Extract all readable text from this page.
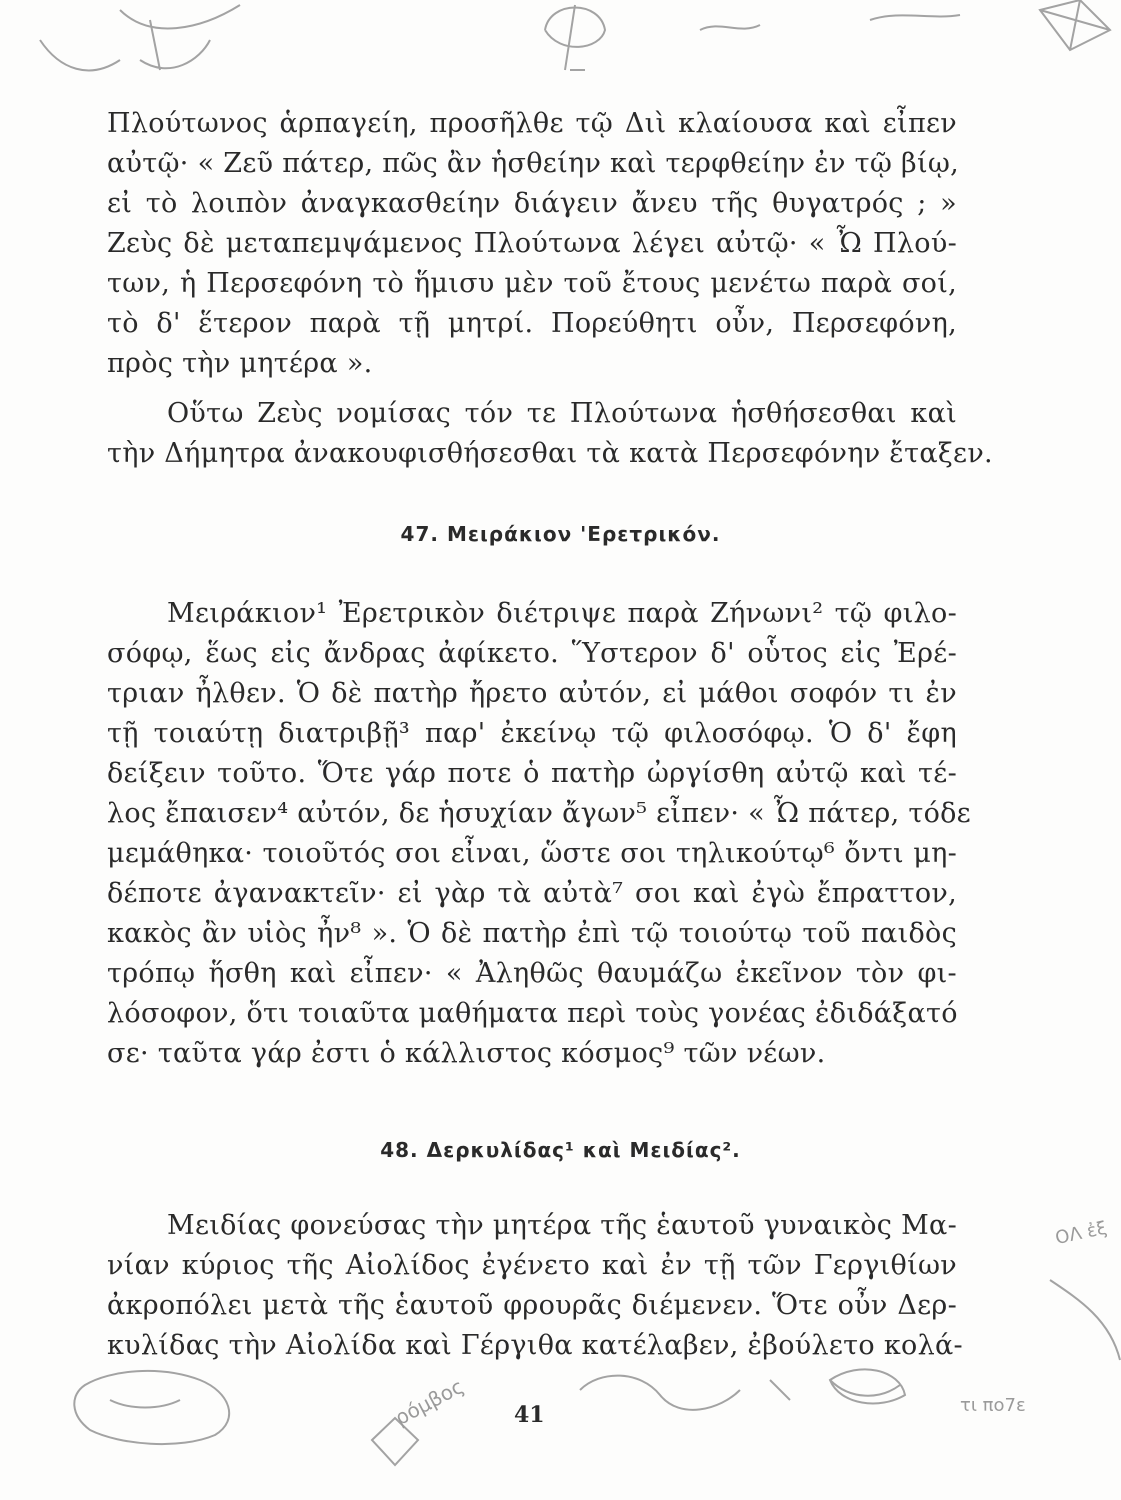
Πλούτωνος ἁρπαγείη, προσῆλθε τῷ Διὶ κλαίουσα καὶ εἶπεν
αὐτῷ· « Ζεῦ πάτερ, πῶς ἂν ἡσθείην καὶ τερφθείην ἐν τῷ βίῳ,
εἰ τὸ λοιπὸν ἀναγκασθείην διάγειν ἄνευ τῆς θυγατρός ; »
Ζεὺς δὲ μεταπεμψάμενος Πλούτωνα λέγει αὐτῷ· « Ὦ Πλού-
των, ἡ Περσεφόνη τὸ ἥμισυ μὲν τοῦ ἔτους μενέτω παρὰ σοί,
τὸ δ' ἕτερον παρὰ τῇ μητρί. Πορεύθητι οὖν, Περσεφόνη,
πρὸς τὴν μητέρα ».
Οὕτω Ζεὺς νομίσας τόν τε Πλούτωνα ἡσθήσεσθαι καὶ
τὴν Δήμητρα ἀνακουφισθήσεσθαι τὰ κατὰ Περσεφόνην ἔταξεν.
47. Μειράκιον 'Ερετρικόν.
Μειράκιον¹ Ἐρετρικὸν διέτριψε παρὰ Ζήνωνι² τῷ φιλο-
σόφῳ, ἕως εἰς ἄνδρας ἀφίκετο. Ὕστερον δ' οὗτος εἰς Ἐρέ-
τριαν ἦλθεν. Ὁ δὲ πατὴρ ἤρετο αὐτόν, εἰ μάθοι σοφόν τι ἐν
τῇ τοιαύτῃ διατριβῇ³ παρ' ἐκείνῳ τῷ φιλοσόφῳ. Ὁ δ' ἔφη
δείξειν τοῦτο. Ὅτε γάρ ποτε ὁ πατὴρ ὠργίσθη αὐτῷ καὶ τέ-
λος ἔπαισεν⁴ αὐτόν, δε ἡσυχίαν ἄγων⁵ εἶπεν· « Ὦ πάτερ, τόδε
μεμάθηκα· τοιοῦτός σοι εἶναι, ὥστε σοι τηλικούτῳ⁶ ὄντι μη-
δέποτε ἀγανακτεῖν· εἰ γὰρ τὰ αὐτὰ⁷ σοι καὶ ἐγὼ ἔπραττον,
κακὸς ἂν υἱὸς ἦν⁸ ». Ὁ δὲ πατὴρ ἐπὶ τῷ τοιούτῳ τοῦ παιδὸς
τρόπῳ ἥσθη καὶ εἶπεν· « Ἀληθῶς θαυμάζω ἐκεῖνον τὸν φι-
λόσοφον, ὅτι τοιαῦτα μαθήματα περὶ τοὺς γονέας ἐδιδάξατό
σε· ταῦτα γάρ ἐστι ὁ κάλλιστος κόσμος⁹ τῶν νέων.
48. Δερκυλίδας¹ καὶ Μειδίας².
Μειδίας φονεύσας τὴν μητέρα τῆς ἑαυτοῦ γυναικὸς Μα-
νίαν κύριος τῆς Αἰολίδος ἐγένετο καὶ ἐν τῇ τῶν Γεργιθίων
ἀκροπόλει μετὰ τῆς ἑαυτοῦ φρουρᾶς διέμενεν. Ὅτε οὖν Δερ-
κυλίδας τὴν Αἰολίδα καὶ Γέργιθα κατέλαβεν, ἐβούλετο κολά-
ΟΛ ἐξ
ρόμβος	τι πο7ε
41
